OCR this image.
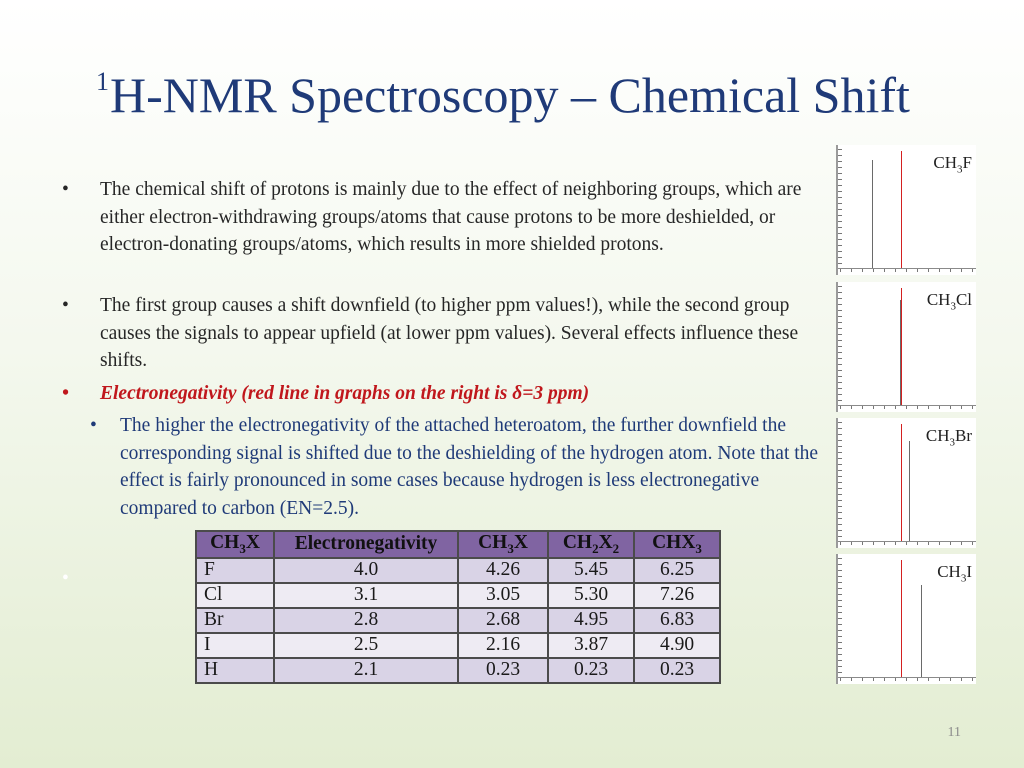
$^1$H-NMR Spectroscopy – Chemical Shift
• The chemical shift of protons is mainly due to the effect of neighboring groups, which are either electron-withdrawing groups/atoms that cause protons to be more deshielded, or electron-donating groups/atoms, which results in more shielded protons.
• The first group causes a shift downfield (to higher ppm values!), while the second group causes the signals to appear upfield (at lower ppm values). Several effects influence these shifts.
• Electronegativity (red line in graphs on the right is δ=3 ppm)
• The higher the electronegativity of the attached heteroatom, the further downfield the corresponding signal is shifted due to the deshielding of the hydrogen atom. Note that the effect is fairly pronounced in some cases because hydrogen is less electronegative compared to carbon (EN=2.5).
•
$CH_3X$	Electronegativity	$CH_3X$	$CH_2X_2$	$CHX_3$
F	4.0	4.26	5.45	6.25
Cl	3.1	3.05	5.30	7.26
Br	2.8	2.68	4.95	6.83
I	2.5	2.16	3.87	4.90
H	2.1	0.23	0.23	0.23
$CH_3F$
$CH_3Cl$
$CH_3Br$
$CH_3I$
11
